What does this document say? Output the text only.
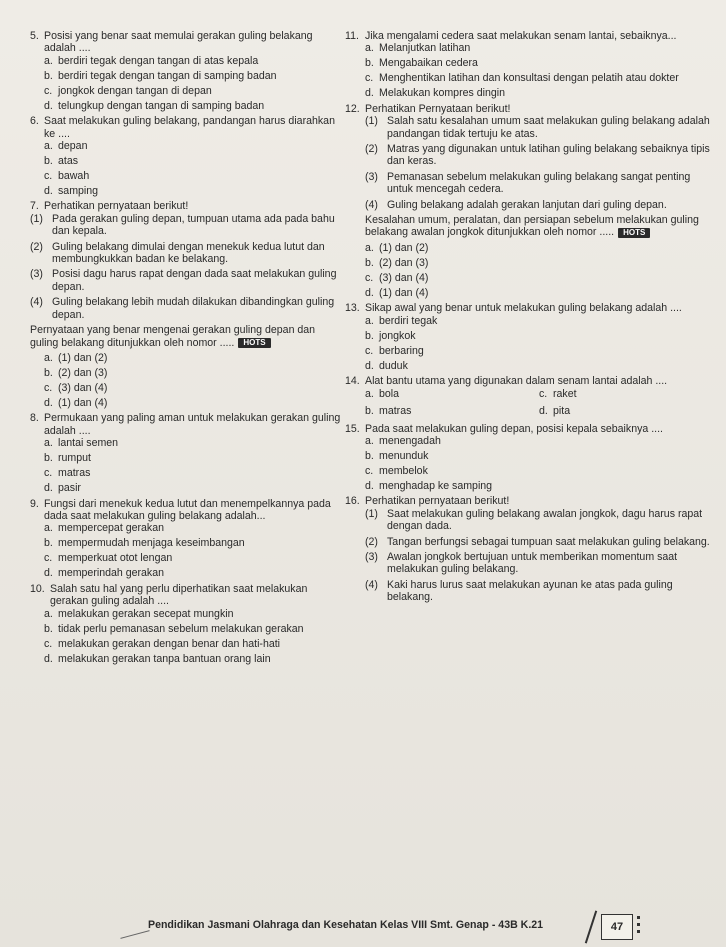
5. Posisi yang benar saat memulai gerakan guling belakang adalah ....
a. berdiri tegak dengan tangan di atas kepala
b. berdiri tegak dengan tangan di samping badan
c. jongkok dengan tangan di depan
d. telungkup dengan tangan di samping badan
6. Saat melakukan guling belakang, pandangan harus diarahkan ke ....
a. depan
b. atas
c. bawah
d. samping
7. Perhatikan pernyataan berikut!
(1) Pada gerakan guling depan, tumpuan utama ada pada bahu dan kepala.
(2) Guling belakang dimulai dengan menekuk kedua lutut dan membungkukkan badan ke belakang.
(3) Posisi dagu harus rapat dengan dada saat melakukan guling depan.
(4) Guling belakang lebih mudah dilakukan dibandingkan guling depan.
Pernyataan yang benar mengenai gerakan guling depan dan guling belakang ditunjukkan oleh nomor ..... HOTS
a. (1) dan (2)
b. (2) dan (3)
c. (3) dan (4)
d. (1) dan (4)
8. Permukaan yang paling aman untuk melakukan gerakan guling adalah ....
a. lantai semen
b. rumput
c. matras
d. pasir
9. Fungsi dari menekuk kedua lutut dan menempelkannya pada dada saat melakukan guling belakang adalah...
a. mempercepat gerakan
b. mempermudah menjaga keseimbangan
c. memperkuat otot lengan
d. memperindah gerakan
10. Salah satu hal yang perlu diperhatikan saat melakukan gerakan guling adalah ....
a. melakukan gerakan secepat mungkin
b. tidak perlu pemanasan sebelum melakukan gerakan
c. melakukan gerakan dengan benar dan hati-hati
d. melakukan gerakan tanpa bantuan orang lain
11. Jika mengalami cedera saat melakukan senam lantai, sebaiknya...
a. Melanjutkan latihan
b. Mengabaikan cedera
c. Menghentikan latihan dan konsultasi dengan pelatih atau dokter
d. Melakukan kompres dingin
12. Perhatikan Pernyataan berikut!
(1) Salah satu kesalahan umum saat melakukan guling belakang adalah pandangan tidak tertuju ke atas.
(2) Matras yang digunakan untuk latihan guling belakang sebaiknya tipis dan keras.
(3) Pemanasan sebelum melakukan guling belakang sangat penting untuk mencegah cedera.
(4) Guling belakang adalah gerakan lanjutan dari guling depan.
Kesalahan umum, peralatan, dan persiapan sebelum melakukan guling belakang awalan jongkok ditunjukkan oleh nomor ..... HOTS
a. (1) dan (2)
b. (2) dan (3)
c. (3) dan (4)
d. (1) dan (4)
13. Sikap awal yang benar untuk melakukan guling belakang adalah ....
a. berdiri tegak
b. jongkok
c. berbaring
d. duduk
14. Alat bantu utama yang digunakan dalam senam lantai adalah ....
a. bola	c. raket
b. matras	d. pita
15. Pada saat melakukan guling depan, posisi kepala sebaiknya ....
a. menengadah
b. menunduk
c. membelok
d. menghadap ke samping
16. Perhatikan pernyataan berikut!
(1) Saat melakukan guling belakang awalan jongkok, dagu harus rapat dengan dada.
(2) Tangan berfungsi sebagai tumpuan saat melakukan guling belakang.
(3) Awalan jongkok bertujuan untuk memberikan momentum saat melakukan guling belakang.
(4) Kaki harus lurus saat melakukan ayunan ke atas pada guling belakang.
Pendidikan Jasmani Olahraga dan Kesehatan Kelas VIII Smt. Genap - 43B K.21	47
